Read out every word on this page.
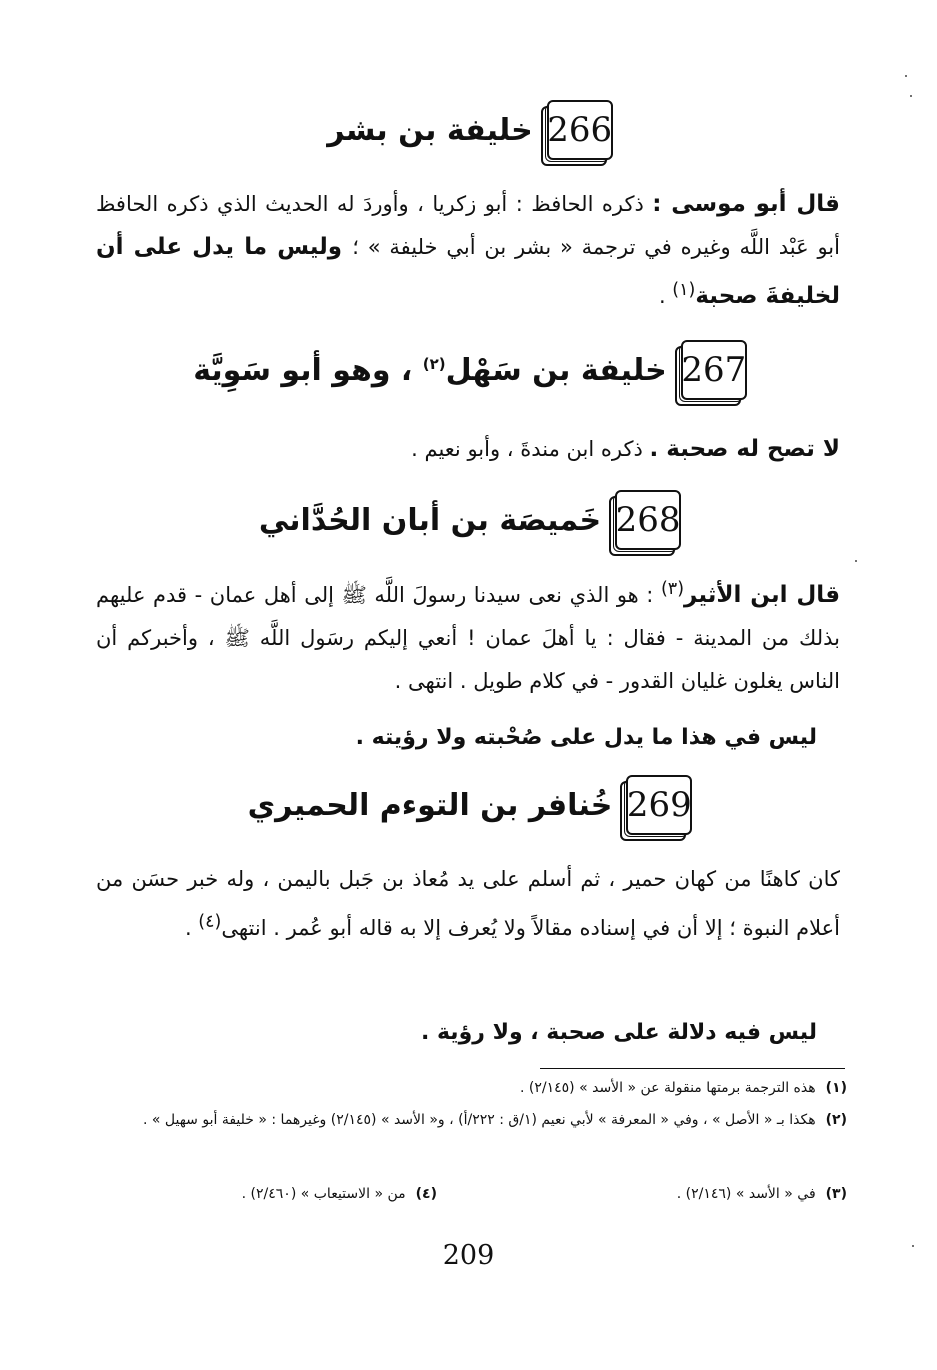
266
خليفة بن بشر
قال أبو موسى : ذكره الحافظ : أبو زكريا ، وأوردَ له الحديث الذي ذكره الحافظ أبو عَبْد اللَّه وغيره في ترجمة « بشر بن أبي خليفة » ؛ وليس ما يدل على أن لخليفةَ صحبة$^{(١)}$ .
267
خليفة بن سَهْل$^{(٢)}$ ، وهو أبو سَوِيَّة
لا تصح له صحبة . ذكره ابن مندةَ ، وأبو نعيم .
268
خَميصَة بن أبان الحُدَّاني
قال ابن الأثير$^{(٣)}$ : هو الذي نعى سيدنا رسولَ اللَّه ﷺ إلى أهل عمان - قدم عليهم بذلك من المدينة - فقال : يا أهلَ عمان ! أنعي إليكم رسَول اللَّه ﷺ ، وأخبركم أن الناس يغلون غليان القدور - في كلام طويل . انتهى .
ليس في هذا ما يدل على صُحْبته ولا رؤيته .
269
خُنافر بن التوءم الحميري
كان كاهنًا من كهان حمير ، ثم أسلم على يد مُعاذ بن جَبل باليمن ، وله خبر حسَن من أعلام النبوة ؛ إلا أن في إسناده مقالاً ولا يُعرف إلا به قاله أبو عُمر . انتهى$^{(٤)}$ .
ليس فيه دلالة على صحبة ، ولا رؤية .
(١)هذه الترجمة برمتها منقولة عن « الأسد » (٢/١٤٥) .
(٢)هكذا بـ « الأصل » ، وفي « المعرفة » لأبي نعيم (١/ق : ٢٢٢/أ) ، و« الأسد » (٢/١٤٥) وغيرهما : « خليفة أبو سهيل » .
(٣)في « الأسد » (٢/١٤٦) .
(٤)من « الاستيعاب » (٢/٤٦٠) .
209
